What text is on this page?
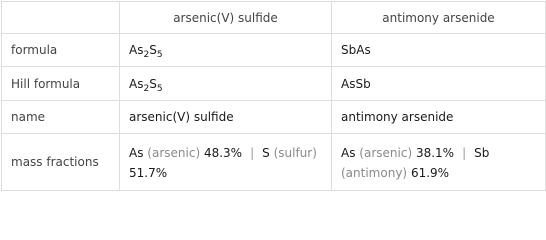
	arsenic(V) sulfide	antimony arsenide
formula	$As_2S_5$	SbAs
Hill formula	$As_2S_5$	AsSb
name	arsenic(V) sulfide	antimony arsenide
mass fractions	As (arsenic) 48.3% | S (sulfur) 51.7%	As (arsenic) 38.1% | Sb (antimony) 61.9%
